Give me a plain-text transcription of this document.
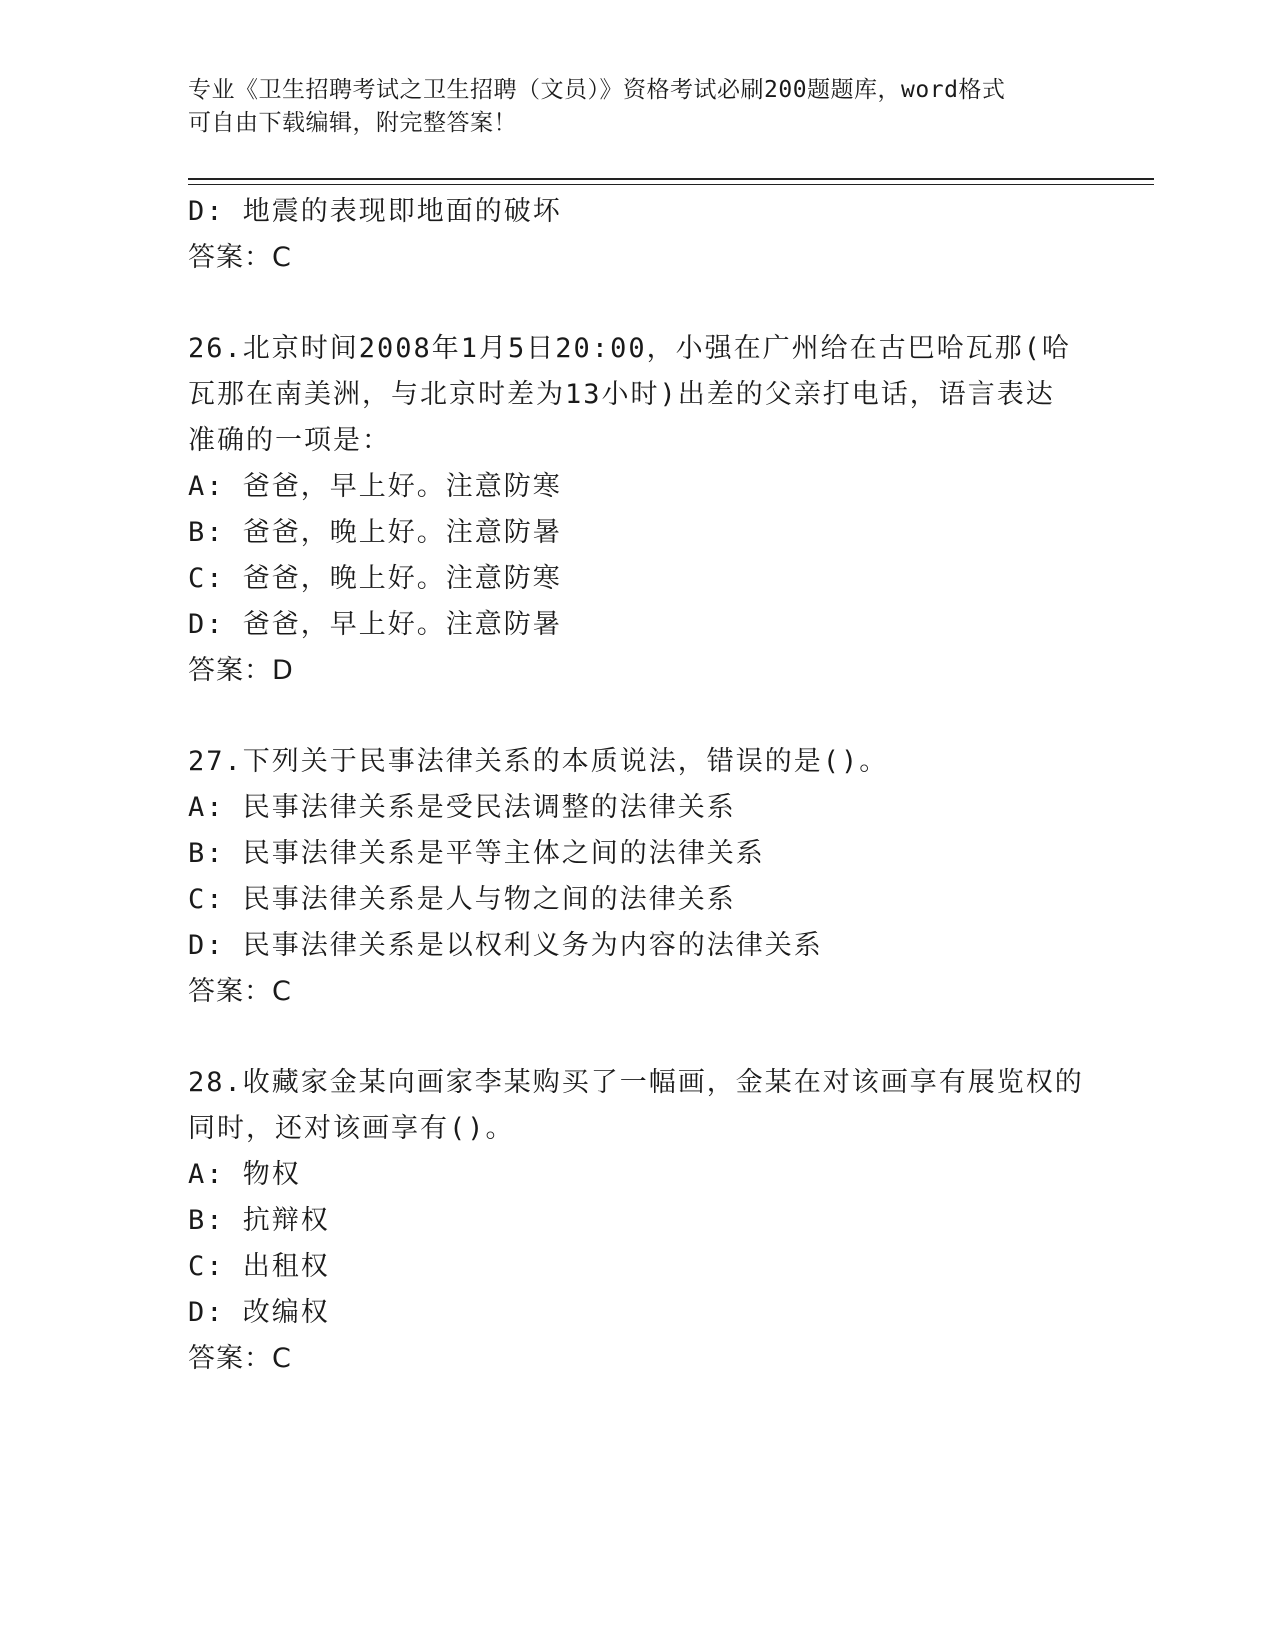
专业《卫生招聘考试之卫生招聘（文员）》资格考试必刷200题题库，word格式
可自由下载编辑，附完整答案！
D: 地震的表现即地面的破坏
答案：C
26.北京时间2008年1月5日20:00，小强在广州给在古巴哈瓦那(哈
瓦那在南美洲，与北京时差为13小时)出差的父亲打电话，语言表达
准确的一项是：
A: 爸爸，早上好。注意防寒
B: 爸爸，晚上好。注意防暑
C: 爸爸，晚上好。注意防寒
D: 爸爸，早上好。注意防暑
答案：D
27.下列关于民事法律关系的本质说法，错误的是()。
A: 民事法律关系是受民法调整的法律关系
B: 民事法律关系是平等主体之间的法律关系
C: 民事法律关系是人与物之间的法律关系
D: 民事法律关系是以权利义务为内容的法律关系
答案：C
28.收藏家金某向画家李某购买了一幅画，金某在对该画享有展览权的
同时，还对该画享有()。
A: 物权
B: 抗辩权
C: 出租权
D: 改编权
答案：C
